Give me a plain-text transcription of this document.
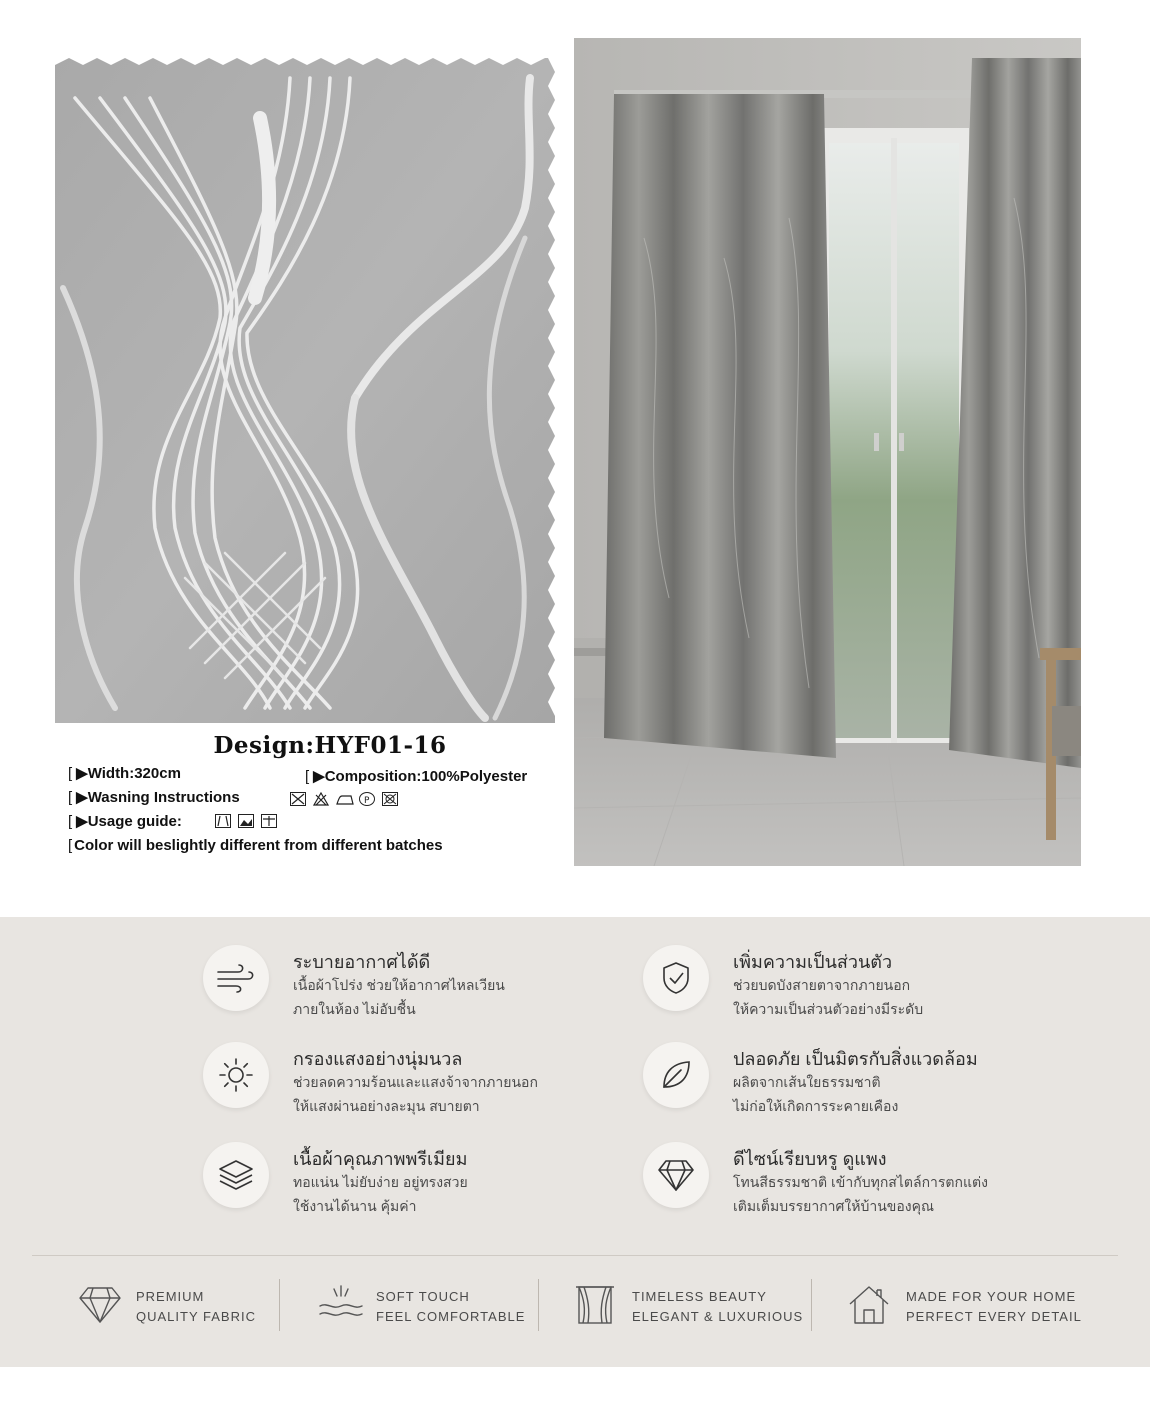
Design:HYF01-16
[ ▶Width:320cm	[ ▶Composition:100%Polyester
[ ▶Wasning Instructions	P
[ ▶Usage guide:
[ Color will beslightly different from different batches
ระบายอากาศได้ดี
เนื้อผ้าโปร่ง ช่วยให้อากาศไหลเวียน
ภายในห้อง ไม่อับชื้น
เพิ่มความเป็นส่วนตัว
ช่วยบดบังสายตาจากภายนอก
ให้ความเป็นส่วนตัวอย่างมีระดับ
กรองแสงอย่างนุ่มนวล
ช่วยลดความร้อนและแสงจ้าจากภายนอก
ให้แสงผ่านอย่างละมุน สบายตา
ปลอดภัย เป็นมิตรกับสิ่งแวดล้อม
ผลิตจากเส้นใยธรรมชาติ
ไม่ก่อให้เกิดการระคายเคือง
เนื้อผ้าคุณภาพพรีเมียม
ทอแน่น ไม่ยับง่าย อยู่ทรงสวย
ใช้งานได้นาน คุ้มค่า
ดีไซน์เรียบหรู ดูแพง
โทนสีธรรมชาติ เข้ากับทุกสไตล์การตกแต่ง
เติมเต็มบรรยากาศให้บ้านของคุณ
PREMIUM
QUALITY FABRIC
SOFT TOUCH
FEEL COMFORTABLE
TIMELESS BEAUTY
ELEGANT & LUXURIOUS
MADE FOR YOUR HOME
PERFECT EVERY DETAIL
